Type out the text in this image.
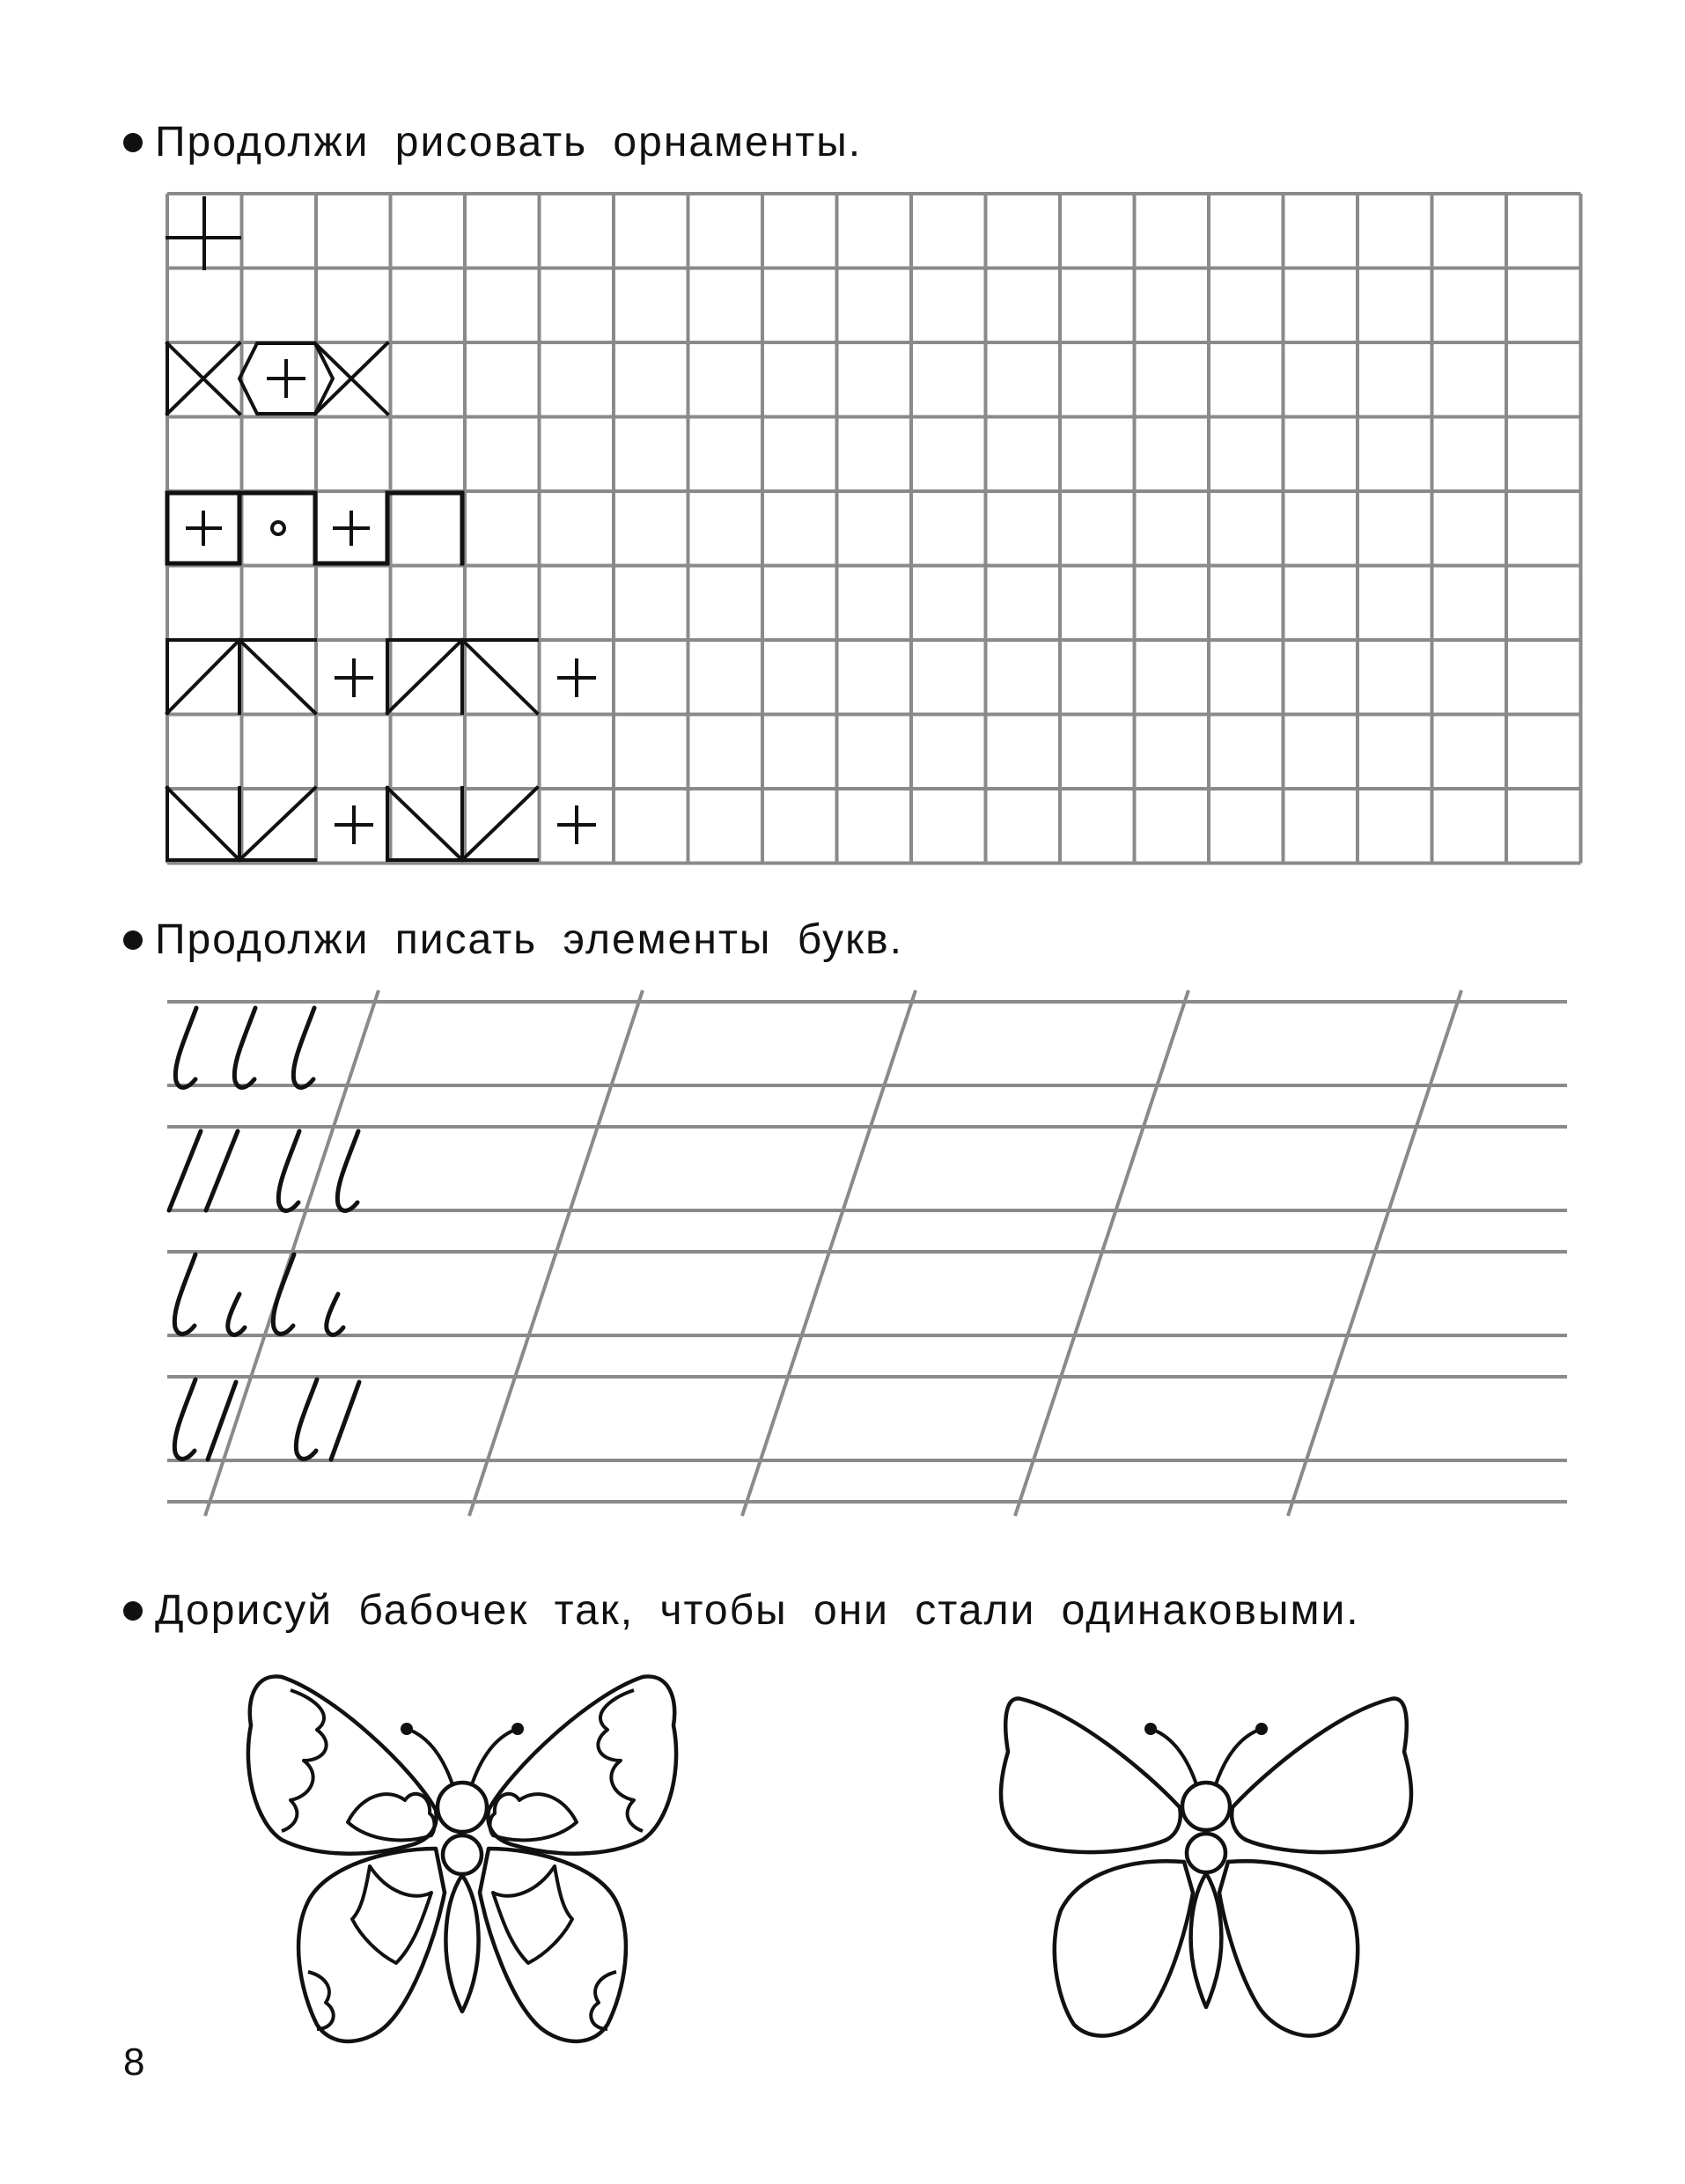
Продолжи рисовать орнаменты.
Продолжи писать элементы букв.
Дорисуй бабочек так, чтобы они стали одинаковыми.
8
